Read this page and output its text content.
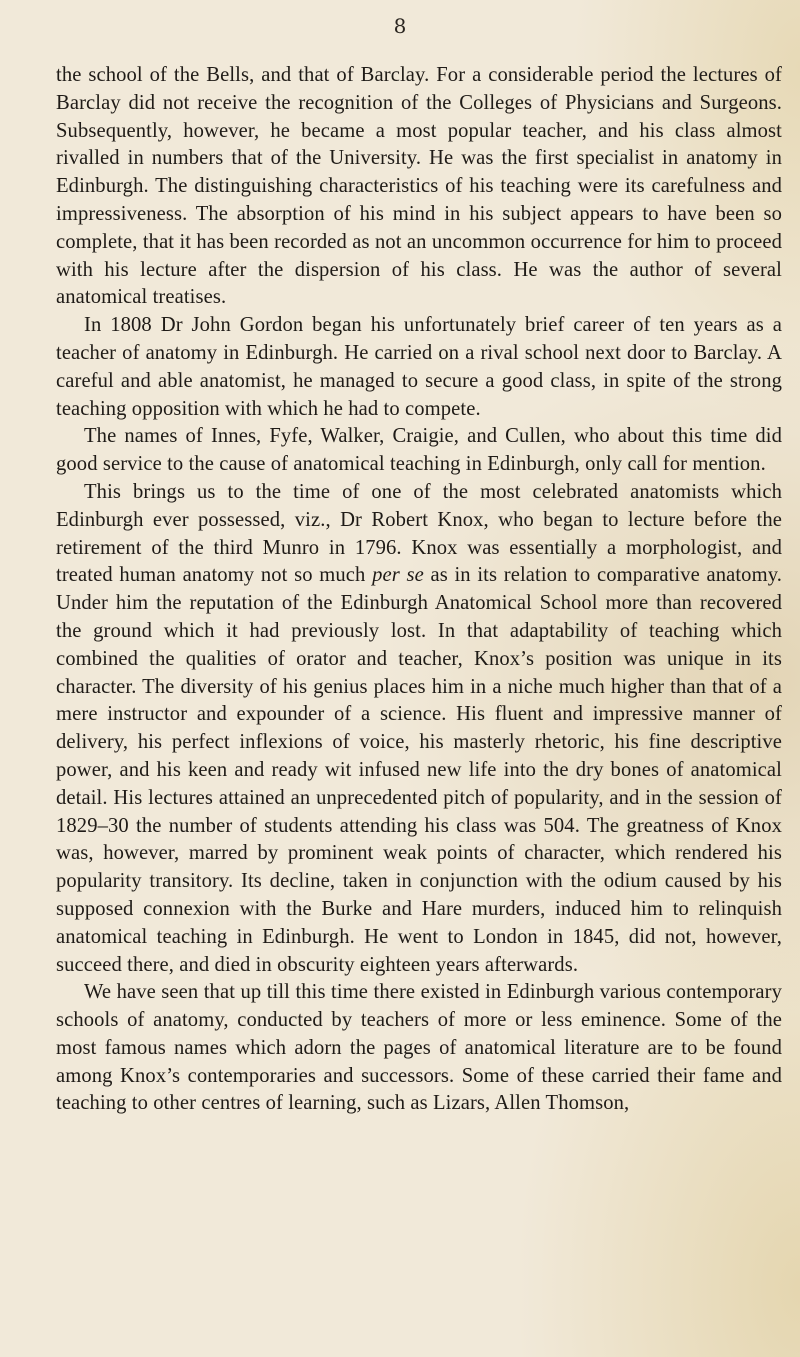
8

the school of the Bells, and that of Barclay. For a considerable period the lectures of Barclay did not receive the recognition of the Colleges of Physicians and Surgeons. Subsequently, however, he became a most popular teacher, and his class almost rivalled in numbers that of the University. He was the first specialist in anatomy in Edinburgh. The distinguishing characteristics of his teaching were its carefulness and impressiveness. The absorption of his mind in his subject appears to have been so complete, that it has been recorded as not an uncommon occurrence for him to proceed with his lecture after the dispersion of his class. He was the author of several anatomical treatises.

In 1808 Dr John Gordon began his unfortunately brief career of ten years as a teacher of anatomy in Edinburgh. He carried on a rival school next door to Barclay. A careful and able anatomist, he managed to secure a good class, in spite of the strong teaching opposition with which he had to compete.

The names of Innes, Fyfe, Walker, Craigie, and Cullen, who about this time did good service to the cause of anatomical teaching in Edinburgh, only call for mention.

This brings us to the time of one of the most celebrated anatomists which Edinburgh ever possessed, viz., Dr Robert Knox, who began to lecture before the retirement of the third Munro in 1796. Knox was essentially a morphologist, and treated human anatomy not so much per se as in its relation to comparative anatomy. Under him the reputation of the Edinburgh Anatomical School more than recovered the ground which it had previously lost. In that adaptability of teaching which combined the qualities of orator and teacher, Knox’s position was unique in its character. The diversity of his genius places him in a niche much higher than that of a mere instructor and expounder of a science. His fluent and impressive manner of delivery, his perfect inflexions of voice, his masterly rhetoric, his fine descriptive power, and his keen and ready wit infused new life into the dry bones of anatomical detail. His lectures attained an unprecedented pitch of popularity, and in the session of 1829–30 the number of students attending his class was 504. The greatness of Knox was, however, marred by prominent weak points of character, which rendered his popularity transitory. Its decline, taken in conjunction with the odium caused by his supposed connexion with the Burke and Hare murders, induced him to relinquish anatomical teaching in Edinburgh. He went to London in 1845, did not, however, succeed there, and died in obscurity eighteen years afterwards.

We have seen that up till this time there existed in Edinburgh various contemporary schools of anatomy, conducted by teachers of more or less eminence. Some of the most famous names which adorn the pages of anatomical literature are to be found among Knox’s contemporaries and successors. Some of these carried their fame and teaching to other centres of learning, such as Lizars, Allen Thomson,
